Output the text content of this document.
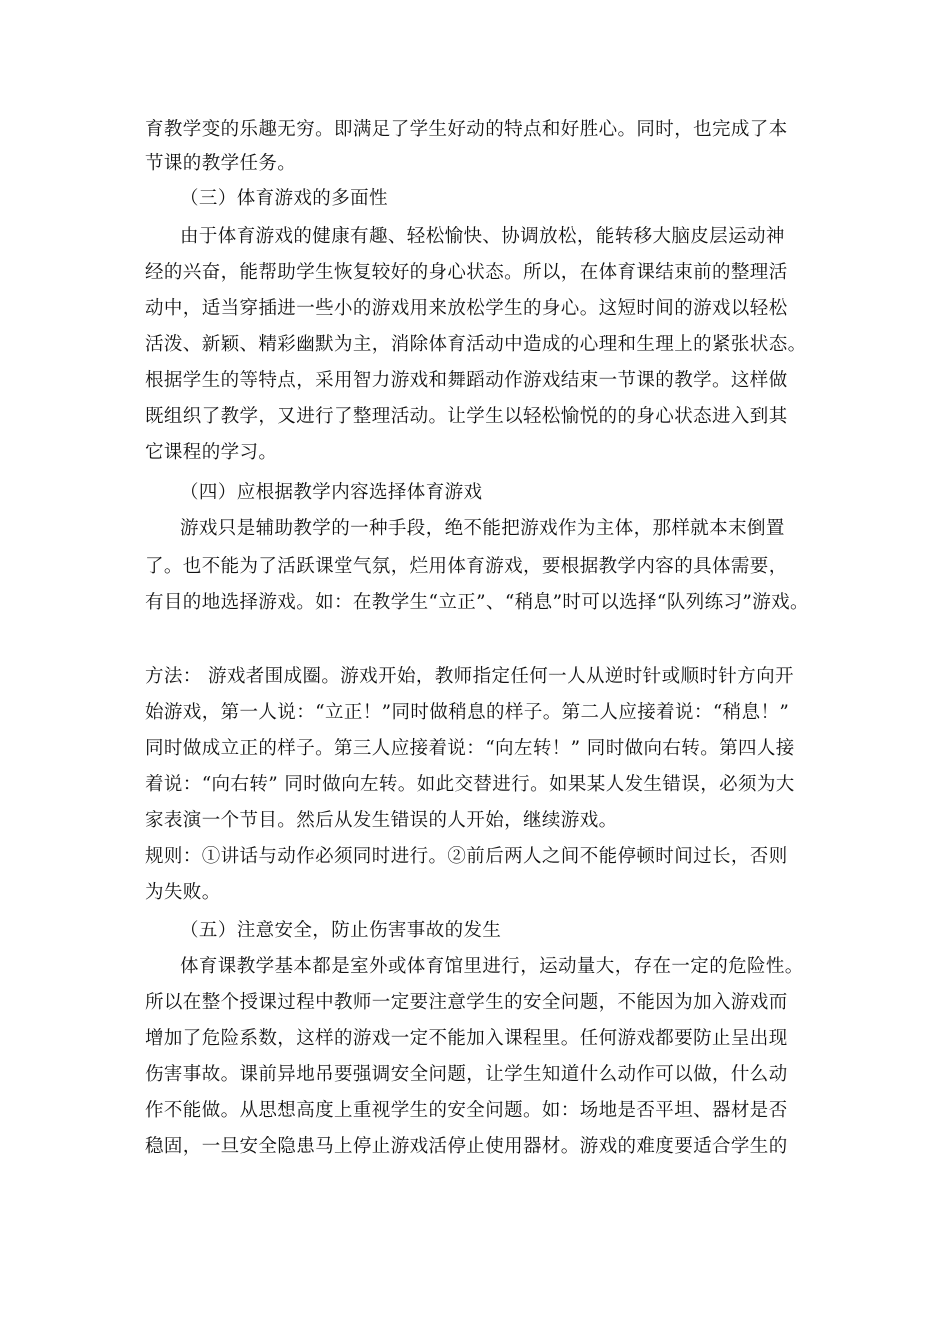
育教学变的乐趣无穷。即满足了学生好动的特点和好胜心。同时，也完成了本
节课的教学任务。
（三）体育游戏的多面性
由于体育游戏的健康有趣、轻松愉快、协调放松，能转移大脑皮层运动神
经的兴奋，能帮助学生恢复较好的身心状态。所以，在体育课结束前的整理活
动中，适当穿插进一些小的游戏用来放松学生的身心。这短时间的游戏以轻松
活泼、新颖、精彩幽默为主，消除体育活动中造成的心理和生理上的紧张状态。
根据学生的等特点，采用智力游戏和舞蹈动作游戏结束一节课的教学。这样做
既组织了教学，又进行了整理活动。让学生以轻松愉悦的的身心状态进入到其
它课程的学习。
（四）应根据教学内容选择体育游戏
游戏只是辅助教学的一种手段，绝不能把游戏作为主体，那样就本末倒置
了。也不能为了活跃课堂气氛，烂用体育游戏，要根据教学内容的具体需要，
有目的地选择游戏。如：在教学生“立正”、“稍息”时可以选择“队列练习”游戏。
方法： 游戏者围成圈。游戏开始，教师指定任何一人从逆时针或顺时针方向开
始游戏，第一人说：“立正！”同时做稍息的样子。第二人应接着说：“稍息！”
同时做成立正的样子。第三人应接着说：“向左转！” 同时做向右转。第四人接
着说：“向右转” 同时做向左转。如此交替进行。如果某人发生错误，必须为大
家表演一个节目。然后从发生错误的人开始，继续游戏。
规则：①讲话与动作必须同时进行。②前后两人之间不能停顿时间过长，否则
为失败。
（五）注意安全，防止伤害事故的发生
体育课教学基本都是室外或体育馆里进行，运动量大，存在一定的危险性。
所以在整个授课过程中教师一定要注意学生的安全问题，不能因为加入游戏而
增加了危险系数，这样的游戏一定不能加入课程里。任何游戏都要防止呈出现
伤害事故。课前异地吊要强调安全问题，让学生知道什么动作可以做，什么动
作不能做。从思想高度上重视学生的安全问题。如：场地是否平坦、器材是否
稳固，一旦安全隐患马上停止游戏活停止使用器材。游戏的难度要适合学生的
